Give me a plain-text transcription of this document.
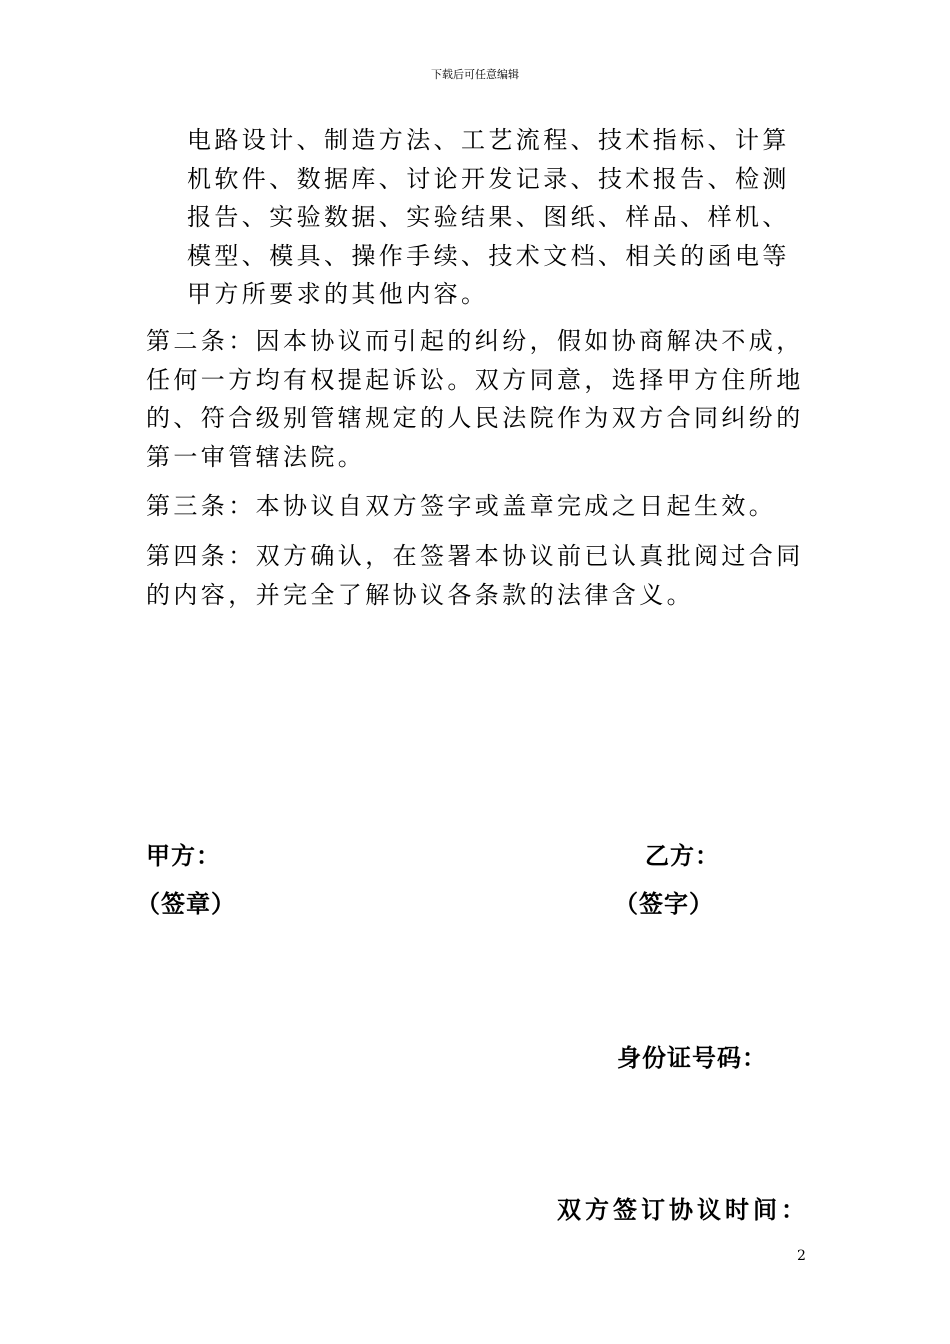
下载后可任意编辑

电路设计、制造方法、工艺流程、技术指标、计算机软件、数据库、讨论开发记录、技术报告、检测报告、实验数据、实验结果、图纸、样品、样机、模型、模具、操作手续、技术文档、相关的函电等甲方所要求的其他内容。

第二条：因本协议而引起的纠纷，假如协商解决不成，任何一方均有权提起诉讼。双方同意，选择甲方住所地的、符合级别管辖规定的人民法院作为双方合同纠纷的第一审管辖法院。

第三条：本协议自双方签字或盖章完成之日起生效。

第四条：双方确认，在签署本协议前已认真批阅过合同的内容，并完全了解协议各条款的法律含义。

甲方：
（签章）
乙方：
（签字）
身份证号码：
双方签订协议时间：
2
